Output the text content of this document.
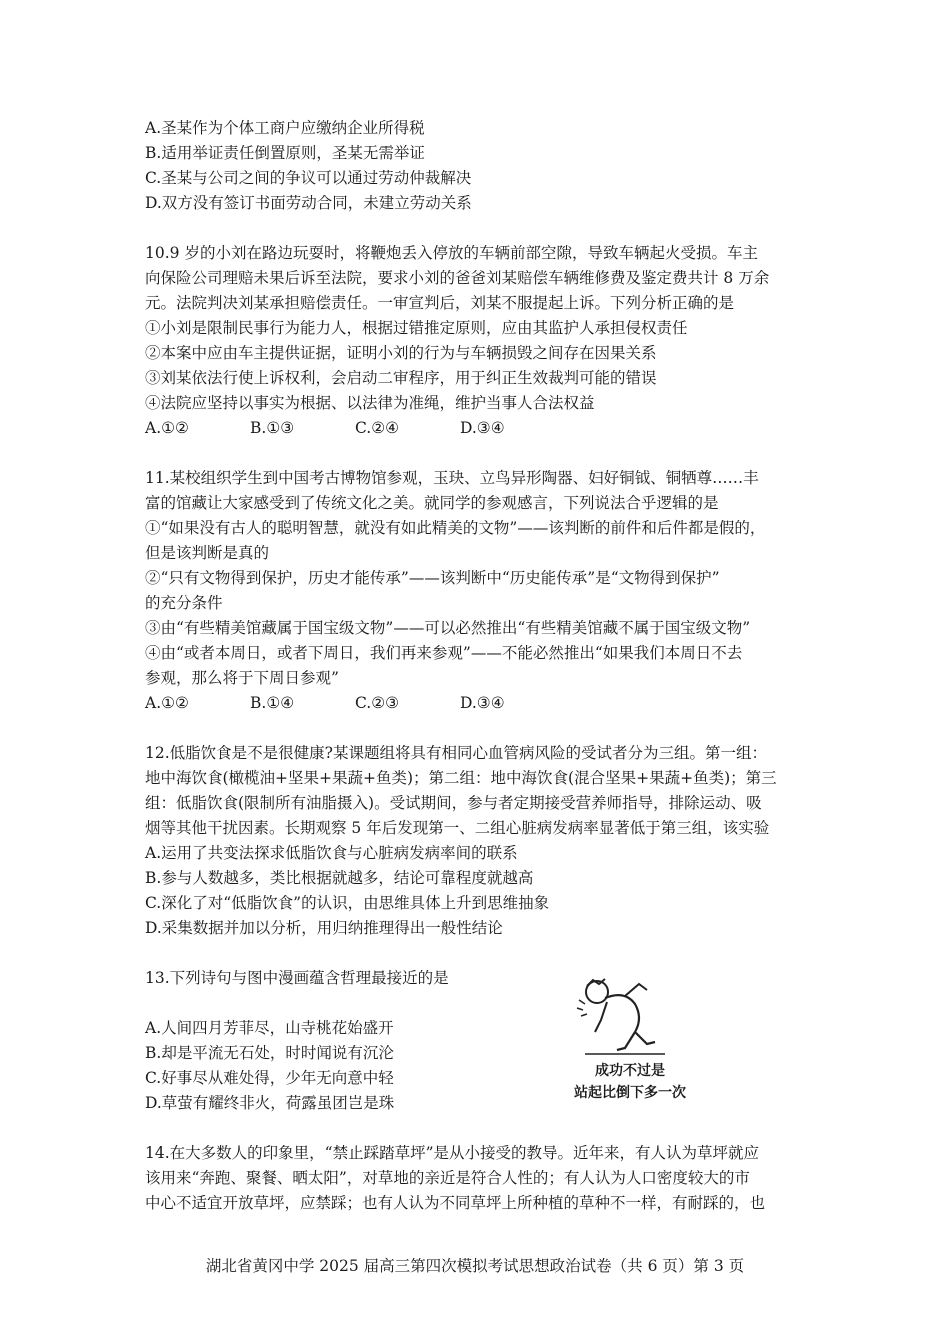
A.圣某作为个体工商户应缴纳企业所得税
B.适用举证责任倒置原则，圣某无需举证
C.圣某与公司之间的争议可以通过劳动仲裁解决
D.双方没有签订书面劳动合同，未建立劳动关系
10.9 岁的小刘在路边玩耍时，将鞭炮丢入停放的车辆前部空隙，导致车辆起火受损。车主
向保险公司理赔未果后诉至法院，要求小刘的爸爸刘某赔偿车辆维修费及鉴定费共计 8 万余
元。法院判决刘某承担赔偿责任。一审宣判后，刘某不服提起上诉。下列分析正确的是
①小刘是限制民事行为能力人，根据过错推定原则，应由其监护人承担侵权责任
②本案中应由车主提供证据，证明小刘的行为与车辆损毁之间存在因果关系
③刘某依法行使上诉权利，会启动二审程序，用于纠正生效裁判可能的错误
④法院应坚持以事实为根据、以法律为准绳，维护当事人合法权益
A.①②	B.①③	C.②④	D.③④
11.某校组织学生到中国考古博物馆参观，玉玦、立鸟异形陶器、妇好铜钺、铜牺尊……丰
富的馆藏让大家感受到了传统文化之美。就同学的参观感言，下列说法合乎逻辑的是
①“如果没有古人的聪明智慧，就没有如此精美的文物”——该判断的前件和后件都是假的，
但是该判断是真的
②“只有文物得到保护，历史才能传承”——该判断中“历史能传承”是“文物得到保护”
的充分条件
③由“有些精美馆藏属于国宝级文物”——可以必然推出“有些精美馆藏不属于国宝级文物”
④由“或者本周日，或者下周日，我们再来参观”——不能必然推出“如果我们本周日不去
参观，那么将于下周日参观”
A.①②	B.①④	C.②③	D.③④
12.低脂饮食是不是很健康?某课题组将具有相同心血管病风险的受试者分为三组。第一组：
地中海饮食(橄榄油+坚果+果蔬+鱼类)；第二组：地中海饮食(混合坚果+果蔬+鱼类)；第三
组：低脂饮食(限制所有油脂摄入)。受试期间，参与者定期接受营养师指导，排除运动、吸
烟等其他干扰因素。长期观察 5 年后发现第一、二组心脏病发病率显著低于第三组，该实验
A.运用了共变法探求低脂饮食与心脏病发病率间的联系
B.参与人数越多，类比根据就越多，结论可靠程度就越高
C.深化了对“低脂饮食”的认识，由思维具体上升到思维抽象
D.采集数据并加以分析，用归纳推理得出一般性结论
13.下列诗句与图中漫画蕴含哲理最接近的是
A.人间四月芳菲尽，山寺桃花始盛开
B.却是平流无石处，时时闻说有沉沦
C.好事尽从难处得，少年无向意中轻
D.草萤有耀终非火，荷露虽团岂是珠
成功不过是
站起比倒下多一次
14.在大多数人的印象里，“禁止踩踏草坪”是从小接受的教导。近年来，有人认为草坪就应
该用来“奔跑、聚餐、晒太阳”，对草地的亲近是符合人性的；有人认为人口密度较大的市
中心不适宜开放草坪，应禁踩；也有人认为不同草坪上所种植的草种不一样，有耐踩的，也
湖北省黄冈中学 2025 届高三第四次模拟考试思想政治试卷（共 6 页）第 3 页
